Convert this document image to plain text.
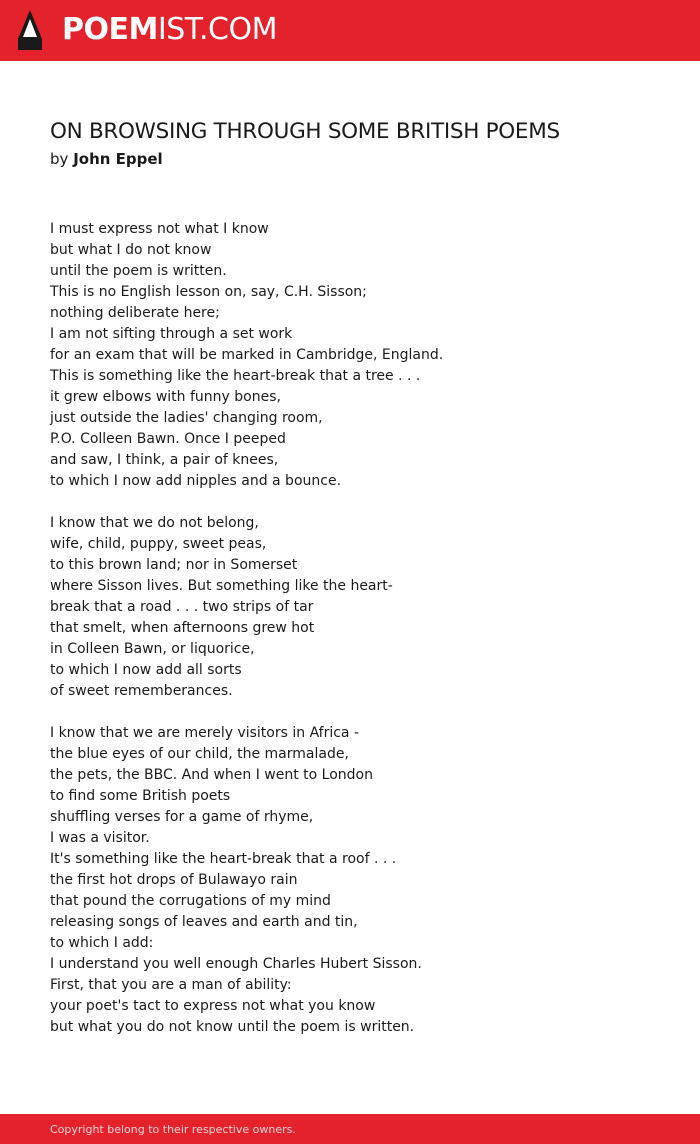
POEMIST.COM
ON BROWSING THROUGH SOME BRITISH POEMS
by John Eppel
I must express not what I know
but what I do not know
until the poem is written.
This is no English lesson on, say, C.H. Sisson;
nothing deliberate here;
I am not sifting through a set work
for an exam that will be marked in Cambridge, England.
This is something like the heart-break that a tree . . .
it grew elbows with funny bones,
just outside the ladies' changing room,
P.O. Colleen Bawn. Once I peeped
and saw, I think, a pair of knees,
to which I now add nipples and a bounce.
I know that we do not belong,
wife, child, puppy, sweet peas,
to this brown land; nor in Somerset
where Sisson lives. But something like the heart-
break that a road . . . two strips of tar
that smelt, when afternoons grew hot
in Colleen Bawn, or liquorice,
to which I now add all sorts
of sweet rememberances.
I know that we are merely visitors in Africa -
the blue eyes of our child, the marmalade,
the pets, the BBC. And when I went to London
to find some British poets
shuffling verses for a game of rhyme,
I was a visitor.
It's something like the heart-break that a roof . . .
the first hot drops of Bulawayo rain
that pound the corrugations of my mind
releasing songs of leaves and earth and tin,
to which I add:
I understand you well enough Charles Hubert Sisson.
First, that you are a man of ability:
your poet's tact to express not what you know
but what you do not know until the poem is written.
Copyright belong to their respective owners.
